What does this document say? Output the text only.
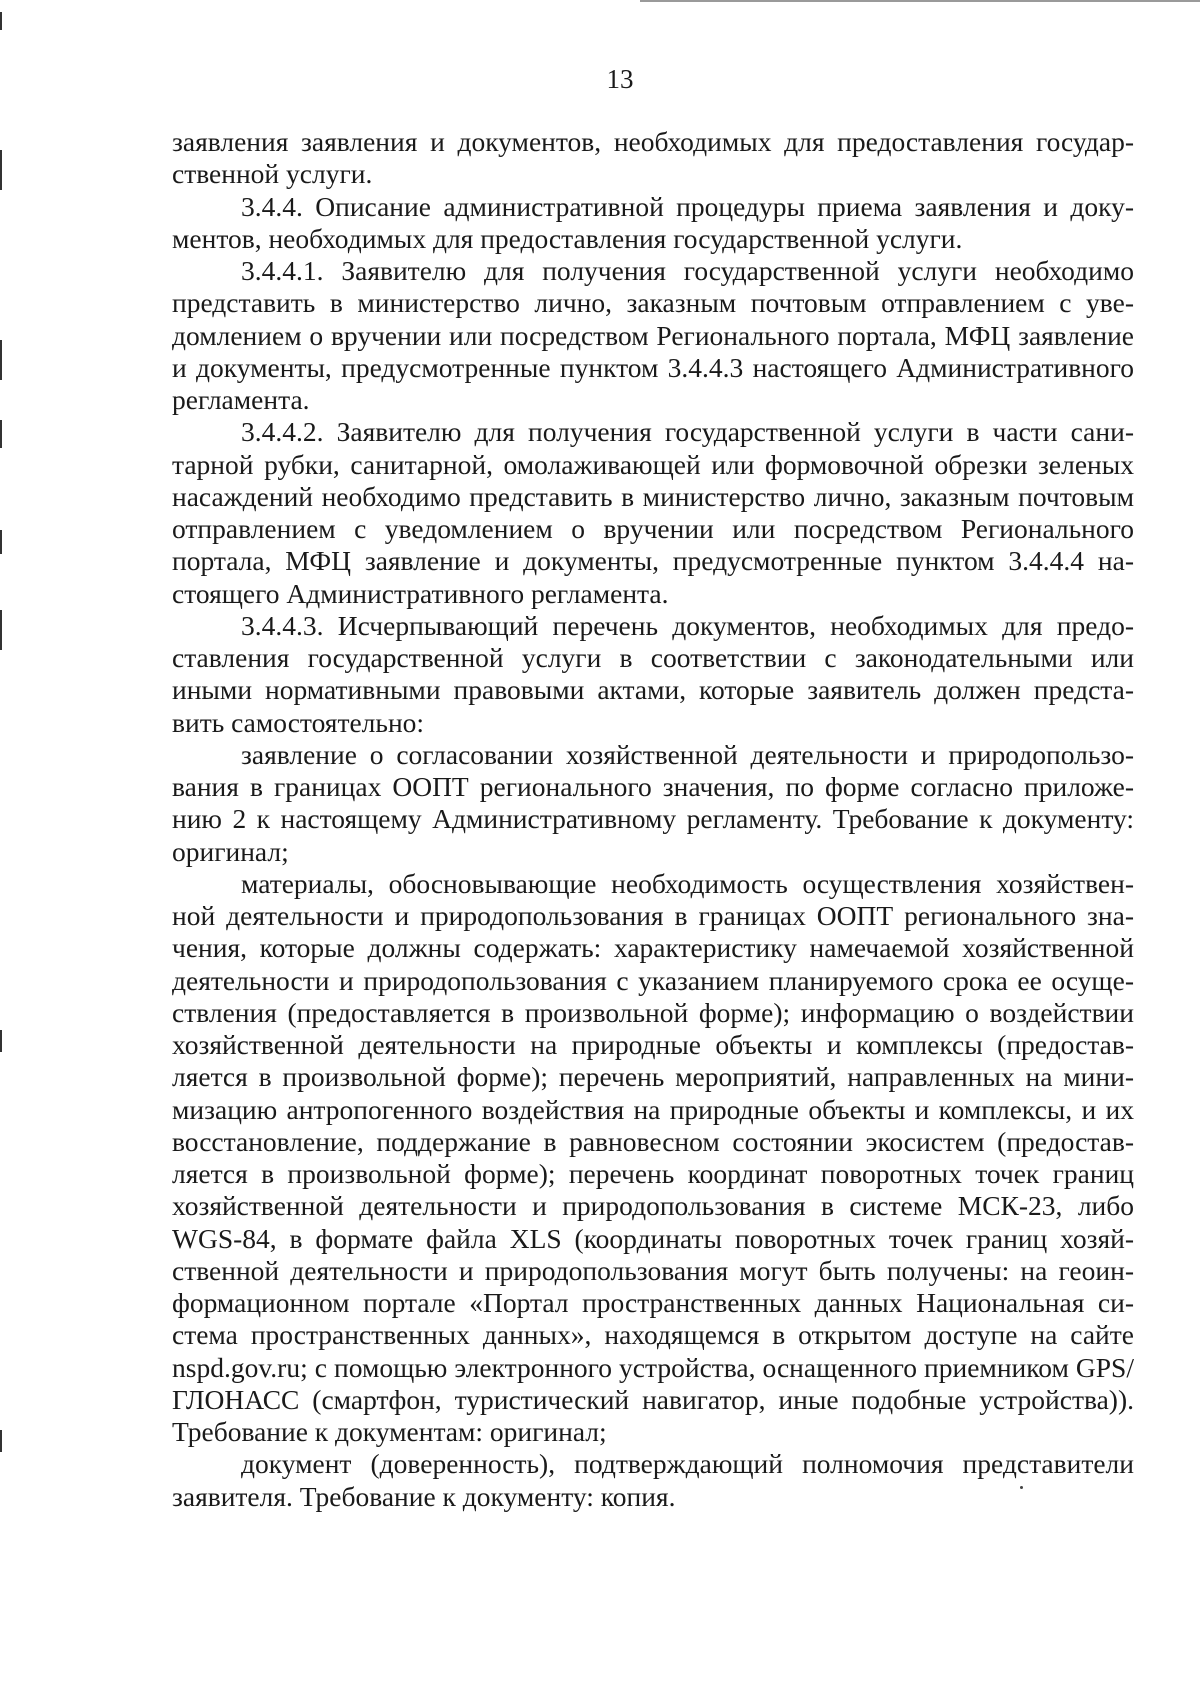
13

заявления заявления и документов, необходимых для предоставления государственной услуги.

3.4.4. Описание административной процедуры приема заявления и документов, необходимых для предоставления государственной услуги.

3.4.4.1. Заявителю для получения государственной услуги необходимо представить в министерство лично, заказным почтовым отправлением с уведомлением о вручении или посредством Регионального портала, МФЦ заявление и документы, предусмотренные пунктом 3.4.4.3 настоящего Административного регламента.

3.4.4.2. Заявителю для получения государственной услуги в части санитарной рубки, санитарной, омолаживающей или формовочной обрезки зеленых насаждений необходимо представить в министерство лично, заказным почтовым отправлением с уведомлением о вручении или посредством Регионального портала, МФЦ заявление и документы, предусмотренные пунктом 3.4.4.4 настоящего Административного регламента.

3.4.4.3. Исчерпывающий перечень документов, необходимых для предоставления государственной услуги в соответствии с законодательными или иными нормативными правовыми актами, которые заявитель должен представить самостоятельно:

заявление о согласовании хозяйственной деятельности и природопользования в границах ООПТ регионального значения, по форме согласно приложению 2 к настоящему Административному регламенту. Требование к документу: оригинал;

материалы, обосновывающие необходимость осуществления хозяйственной деятельности и природопользования в границах ООПТ регионального значения, которые должны содержать: характеристику намечаемой хозяйственной деятельности и природопользования с указанием планируемого срока ее осуществления (предоставляется в произвольной форме); информацию о воздействии хозяйственной деятельности на природные объекты и комплексы (предоставляется в произвольной форме); перечень мероприятий, направленных на минимизацию антропогенного воздействия на природные объекты и комплексы, и их восстановление, поддержание в равновесном состоянии экосистем (предоставляется в произвольной форме); перечень координат поворотных точек границ хозяйственной деятельности и природопользования в системе МСК-23, либо WGS-84, в формате файла XLS (координаты поворотных точек границ хозяйственной деятельности и природопользования могут быть получены: на геоинформационном портале «Портал пространственных данных Национальная система пространственных данных», находящемся в открытом доступе на сайте nspd.gov.ru; с помощью электронного устройства, оснащенного приемником GPS/ГЛОНАСС (смартфон, туристический навигатор, иные подобные устройства)). Требование к документам: оригинал;

документ (доверенность), подтверждающий полномочия представители заявителя. Требование к документу: копия.
